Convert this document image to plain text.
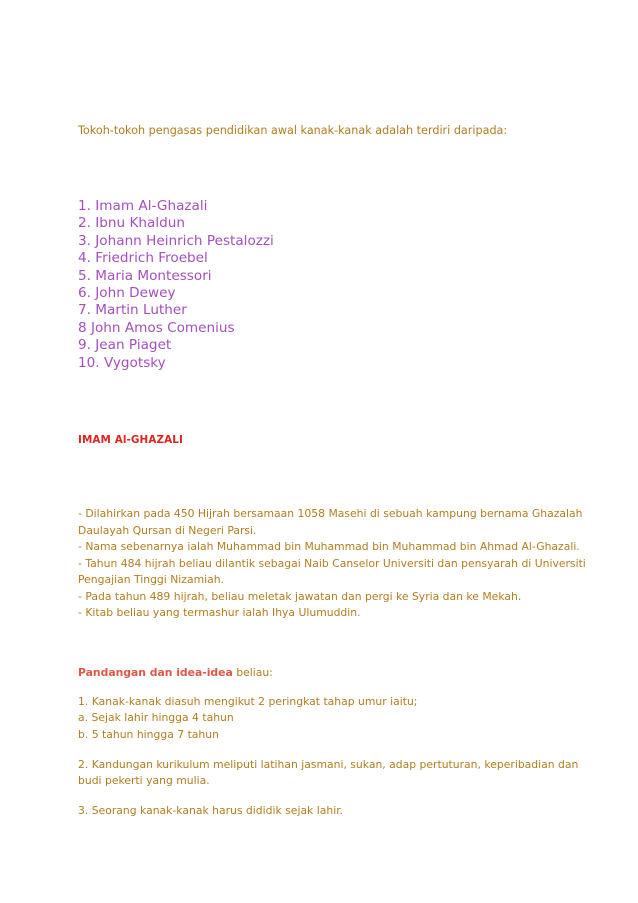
Tokoh-tokoh pengasas pendidikan awal kanak-kanak adalah terdiri daripada:
1. Imam Al-Ghazali
2. Ibnu Khaldun
3. Johann Heinrich Pestalozzi
4. Friedrich Froebel
5. Maria Montessori
6. John Dewey
7. Martin Luther
8 John Amos Comenius
9. Jean Piaget
10. Vygotsky
IMAM Al-GHAZALI
- Dilahirkan pada 450 Hijrah bersamaan 1058 Masehi di sebuah kampung bernama Ghazalah
Daulayah Qursan di Negeri Parsi.
- Nama sebenarnya ialah Muhammad bin Muhammad bin Muhammad bin Ahmad Al-Ghazali.
- Tahun 484 hijrah beliau dilantik sebagai Naib Canselor Universiti dan pensyarah di Universiti
Pengajian Tinggi Nizamiah.
- Pada tahun 489 hijrah, beliau meletak jawatan dan pergi ke Syria dan ke Mekah.
- Kitab beliau yang termashur ialah Ihya Ulumuddin.
Pandangan dan idea-idea beliau:
1. Kanak-kanak diasuh mengikut 2 peringkat tahap umur iaitu;
a. Sejak lahir hingga 4 tahun
b. 5 tahun hingga 7 tahun
2. Kandungan kurikulum meliputi latihan jasmani, sukan, adap pertuturan, keperibadian dan
budi pekerti yang mulia.
3. Seorang kanak-kanak harus dididik sejak lahir.
